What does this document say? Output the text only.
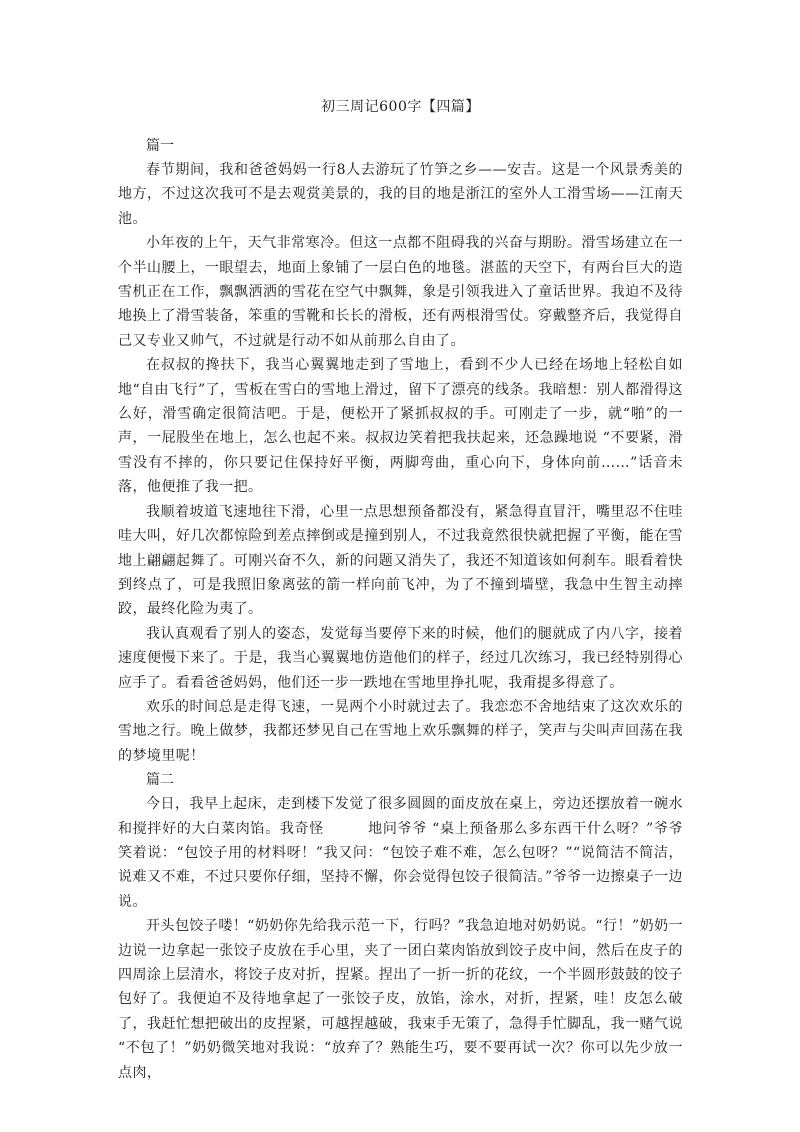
初三周记600字【四篇】

篇一

春节期间，我和爸爸妈妈一行8人去游玩了竹笋之乡——安吉。这是一个风景秀美的地方，不过这次我可不是去观赏美景的，我的目的地是浙江的室外人工滑雪场——江南天池。

小年夜的上午，天气非常寒冷。但这一点都不阻碍我的兴奋与期盼。滑雪场建立在一个半山腰上，一眼望去，地面上象铺了一层白色的地毯。湛蓝的天空下，有两台巨大的造雪机正在工作，飘飘洒洒的雪花在空气中飘舞，象是引领我进入了童话世界。我迫不及待地换上了滑雪装备，笨重的雪靴和长长的滑板，还有两根滑雪仗。穿戴整齐后，我觉得自己又专业又帅气，不过就是行动不如从前那么自由了。

在叔叔的搀扶下，我当心翼翼地走到了雪地上，看到不少人已经在场地上轻松自如地“自由飞行”了，雪板在雪白的雪地上滑过，留下了漂亮的线条。我暗想：别人都滑得这么好，滑雪确定很简洁吧。于是，便松开了紧抓叔叔的手。可刚走了一步，就“啪”的一声，一屁股坐在地上，怎么也起不来。叔叔边笑着把我扶起来，还急躁地说 “不要紧，滑雪没有不摔的，你只要记住保持好平衡，两脚弯曲，重心向下，身体向前……”话音未落，他便推了我一把。

我顺着坡道飞速地往下滑，心里一点思想预备都没有，紧急得直冒汗，嘴里忍不住哇哇大叫，好几次都惊险到差点摔倒或是撞到别人，不过我竟然很快就把握了平衡，能在雪地上翩翩起舞了。可刚兴奋不久，新的问题又消失了，我还不知道该如何刹车。眼看着快到终点了，可是我照旧象离弦的箭一样向前飞冲，为了不撞到墙壁，我急中生智主动摔跤，最终化险为夷了。

我认真观看了别人的姿态，发觉每当要停下来的时候，他们的腿就成了内八字，接着速度便慢下来了。于是，我当心翼翼地仿造他们的样子，经过几次练习，我已经特别得心应手了。看看爸爸妈妈，他们还一步一跌地在雪地里挣扎呢，我甭提多得意了。

欢乐的时间总是走得飞速，一晃两个小时就过去了。我恋恋不舍地结束了这次欢乐的雪地之行。晚上做梦，我都还梦见自己在雪地上欢乐飘舞的样子，笑声与尖叫声回荡在我的梦境里呢！

篇二

今日，我早上起床，走到楼下发觉了很多圆圆的面皮放在桌上，旁边还摆放着一碗水和搅拌好的大白菜肉馅。我奇怪　　　地问爷爷 “桌上预备那么多东西干什么呀？”爷爷笑着说：“包饺子用的材料呀！”我又问：“包饺子难不难，怎么包呀？”“说简洁不简洁，说难又不难，不过只要你仔细，坚持不懈，你会觉得包饺子很简洁。”爷爷一边擦桌子一边说。

开头包饺子喽！“奶奶你先给我示范一下，行吗？”我急迫地对奶奶说。“行！”奶奶一边说一边拿起一张饺子皮放在手心里，夹了一团白菜肉馅放到饺子皮中间，然后在皮子的四周涂上层清水，将饺子皮对折，捏紧。捏出了一折一折的花纹，一个半圆形鼓鼓的饺子包好了。我便迫不及待地拿起了一张饺子皮，放馅，涂水，对折，捏紧，哇！皮怎么破了，我赶忙想把破出的皮捏紧，可越捏越破，我束手无策了，急得手忙脚乱，我一赌气说 “不包了！”奶奶微笑地对我说：“放弃了？熟能生巧，要不要再试一次？你可以先少放一点肉，
